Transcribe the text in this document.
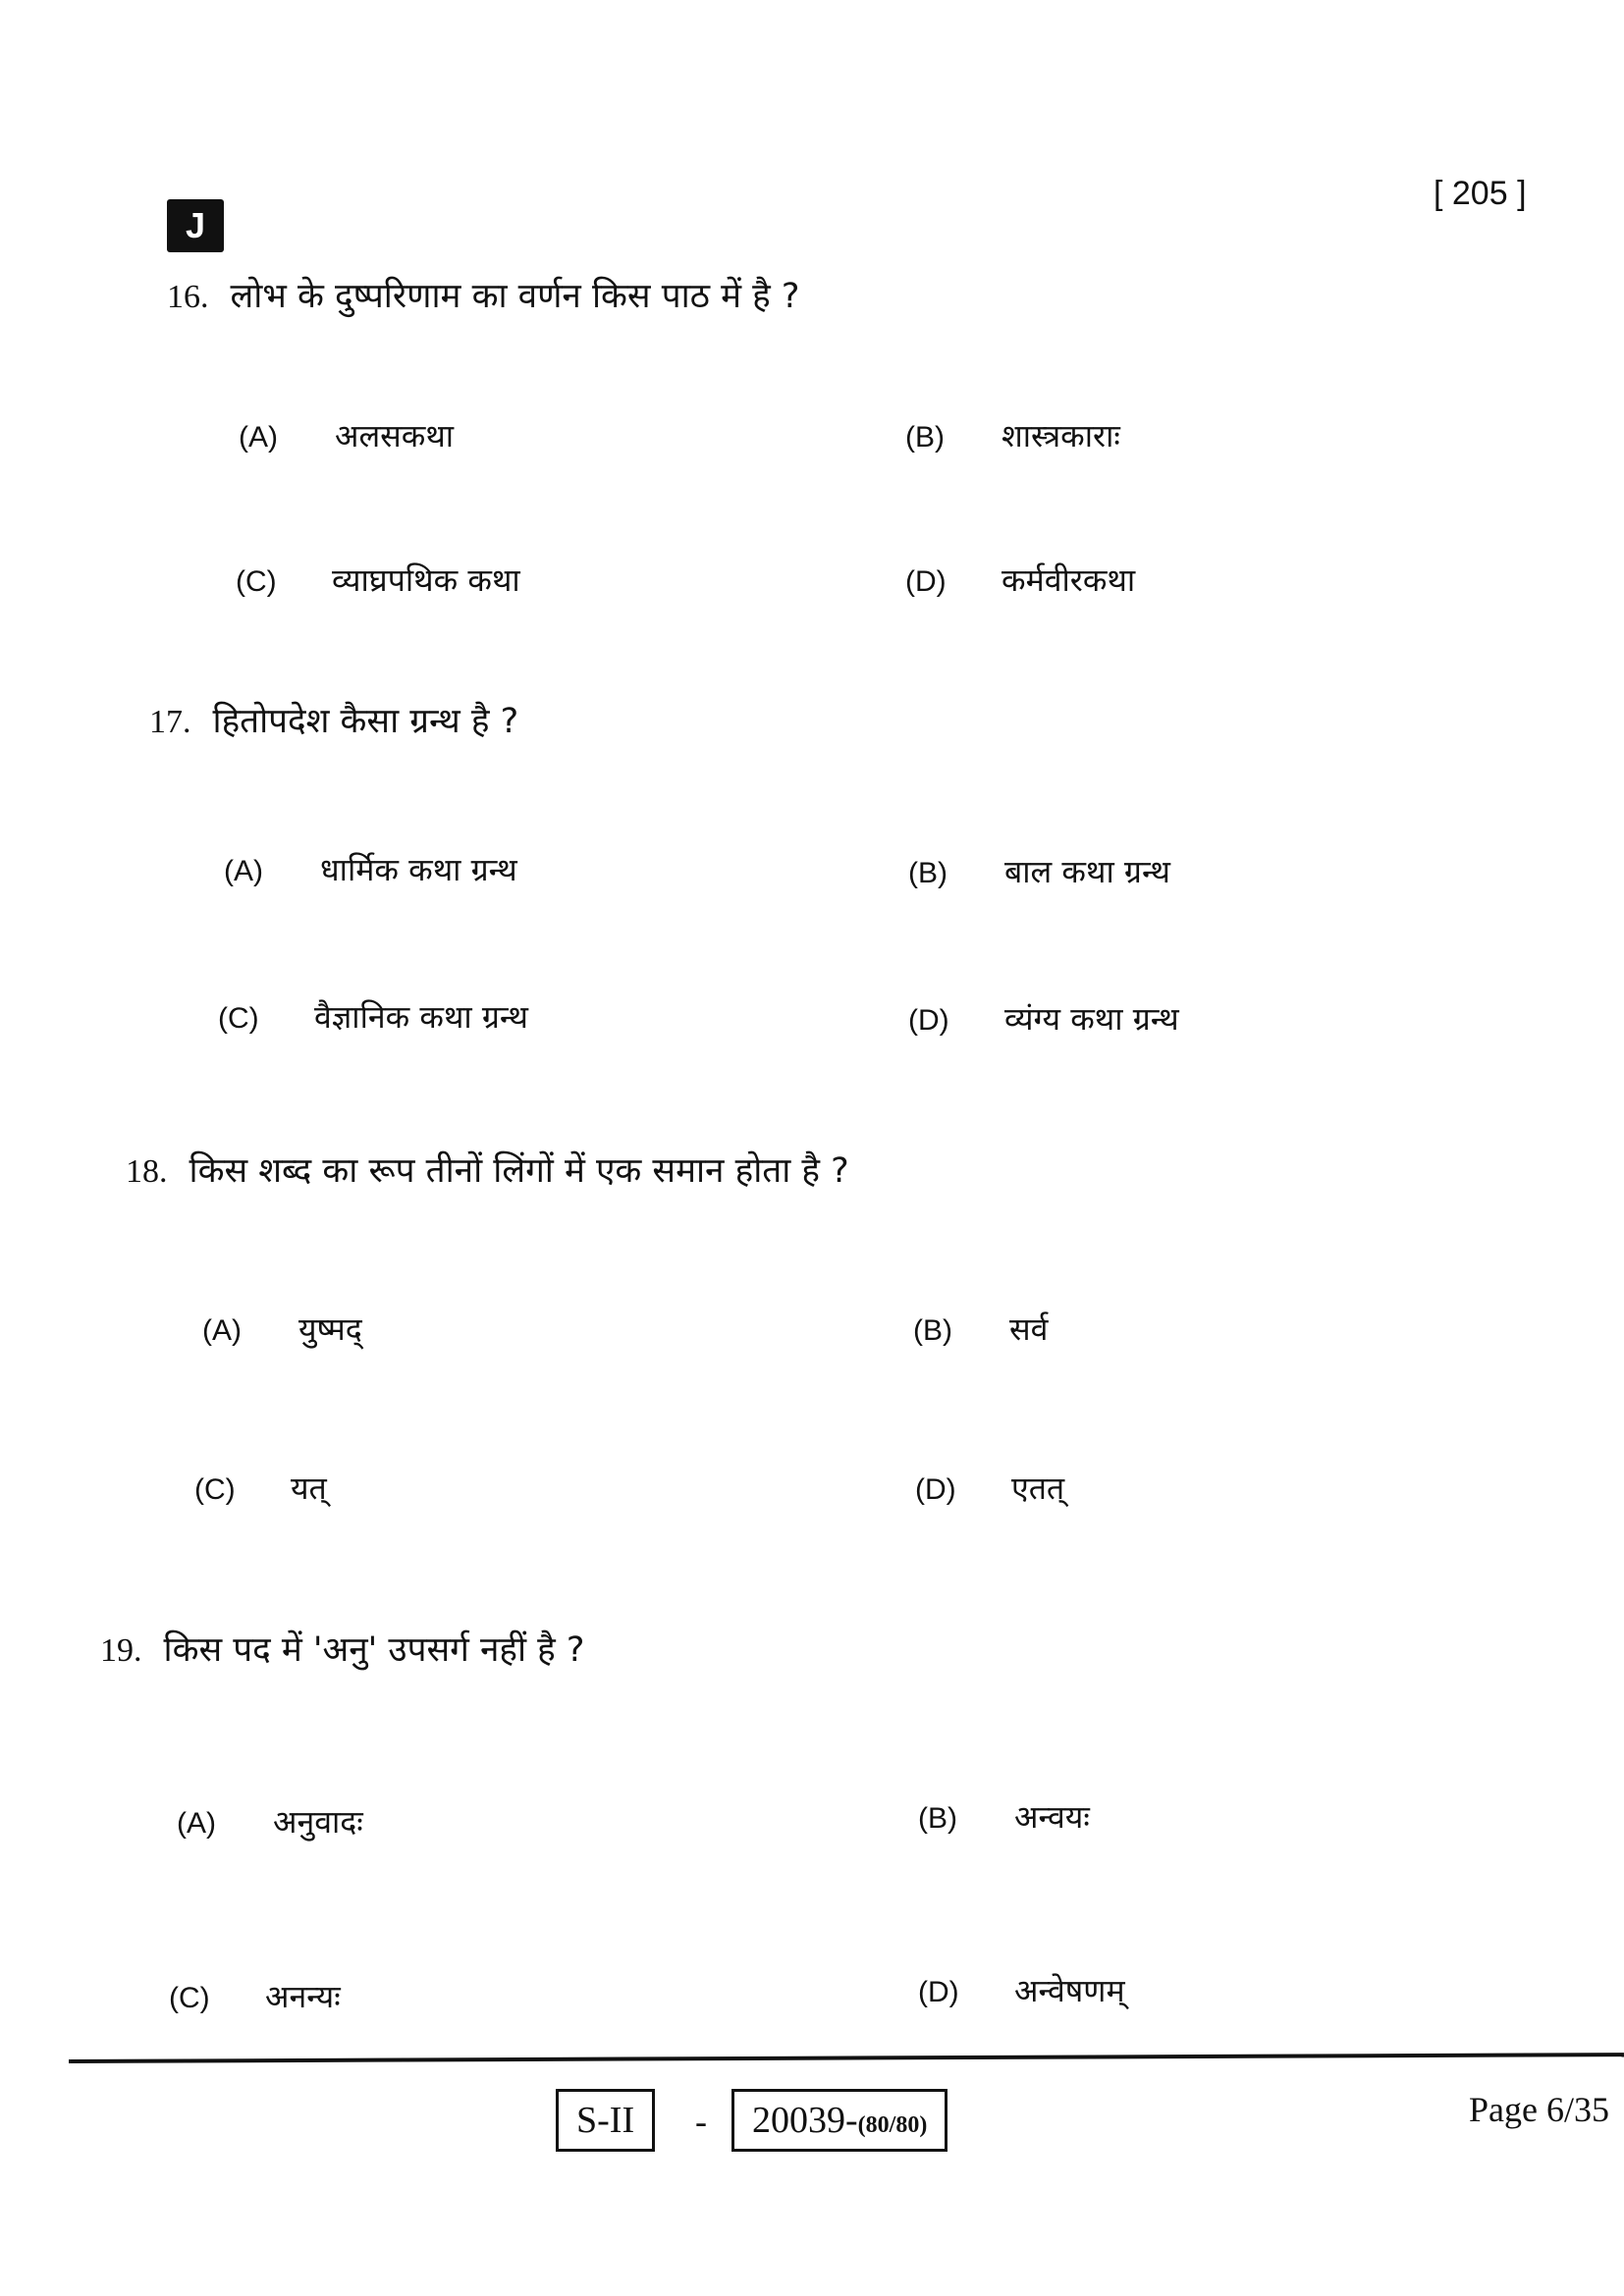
J
[ 205 ]
16. लोभ के दुष्परिणाम का वर्णन किस पाठ में है ?
(A) अलसकथा	(B) शास्त्रकाराः
(C) व्याघ्रपथिक कथा	(D) कर्मवीरकथा
17. हितोपदेश कैसा ग्रन्थ है ?
(A) धार्मिक कथा ग्रन्थ	(B) बाल कथा ग्रन्थ
(C) वैज्ञानिक कथा ग्रन्थ	(D) व्यंग्य कथा ग्रन्थ
18. किस शब्द का रूप तीनों लिंगों में एक समान होता है ?
(A) युष्मद्	(B) सर्व
(C) यत्	(D) एतत्
19. किस पद में 'अनु' उपसर्ग नहीं है ?
(A) अनुवादः	(B) अन्वयः
(C) अनन्यः	(D) अन्वेषणम्
S-II	-	20039-(80/80)	Page 6/35
